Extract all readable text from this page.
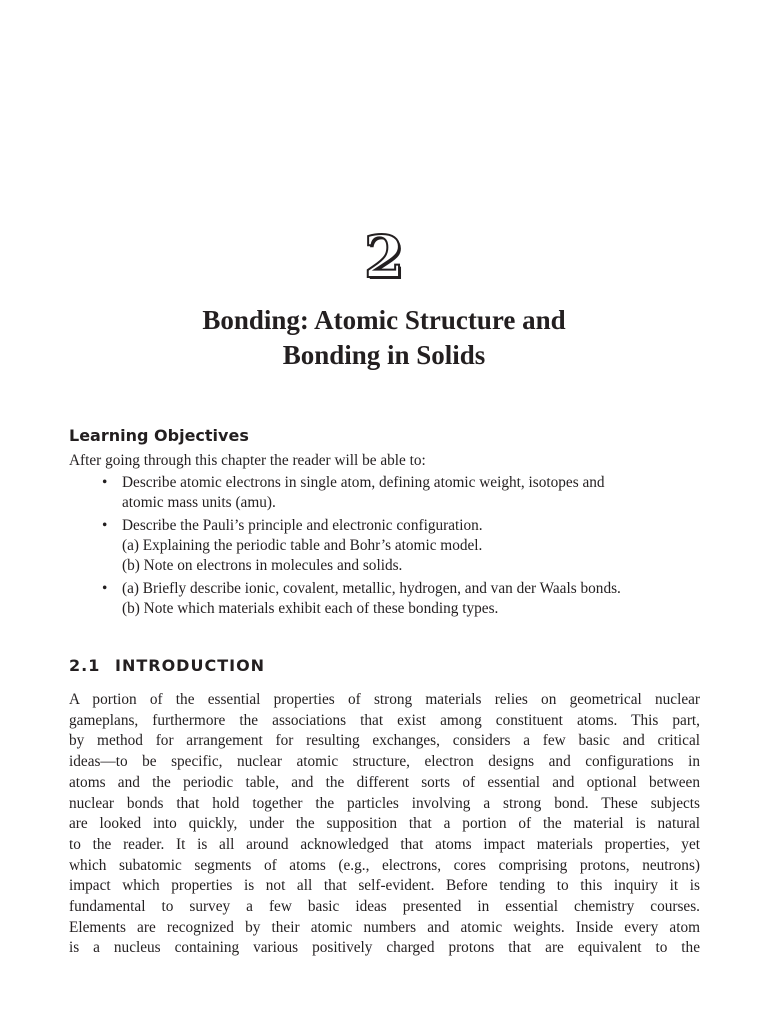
2
Bonding: Atomic Structure and
Bonding in Solids
Learning Objectives
After going through this chapter the reader will be able to:
• Describe atomic electrons in single atom, defining atomic weight, isotopes and
atomic mass units (amu).
• Describe the Pauli’s principle and electronic configuration.
(a) Explaining the periodic table and Bohr’s atomic model.
(b) Note on electrons in molecules and solids.
• (a) Briefly describe ionic, covalent, metallic, hydrogen, and van der Waals bonds.
(b) Note which materials exhibit each of these bonding types.
2.1 INTRODUCTION
A portion of the essential properties of strong materials relies on geometrical nuclear
gameplans, furthermore the associations that exist among constituent atoms. This part,
by method for arrangement for resulting exchanges, considers a few basic and critical
ideas—to be specific, nuclear atomic structure, electron designs and configurations in
atoms and the periodic table, and the different sorts of essential and optional between
nuclear bonds that hold together the particles involving a strong bond. These subjects
are looked into quickly, under the supposition that a portion of the material is natural
to the reader. It is all around acknowledged that atoms impact materials properties, yet
which subatomic segments of atoms (e.g., electrons, cores comprising protons, neutrons)
impact which properties is not all that self-evident. Before tending to this inquiry it is
fundamental to survey a few basic ideas presented in essential chemistry courses.
Elements are recognized by their atomic numbers and atomic weights. Inside every atom
is a nucleus containing various positively charged protons that are equivalent to the
